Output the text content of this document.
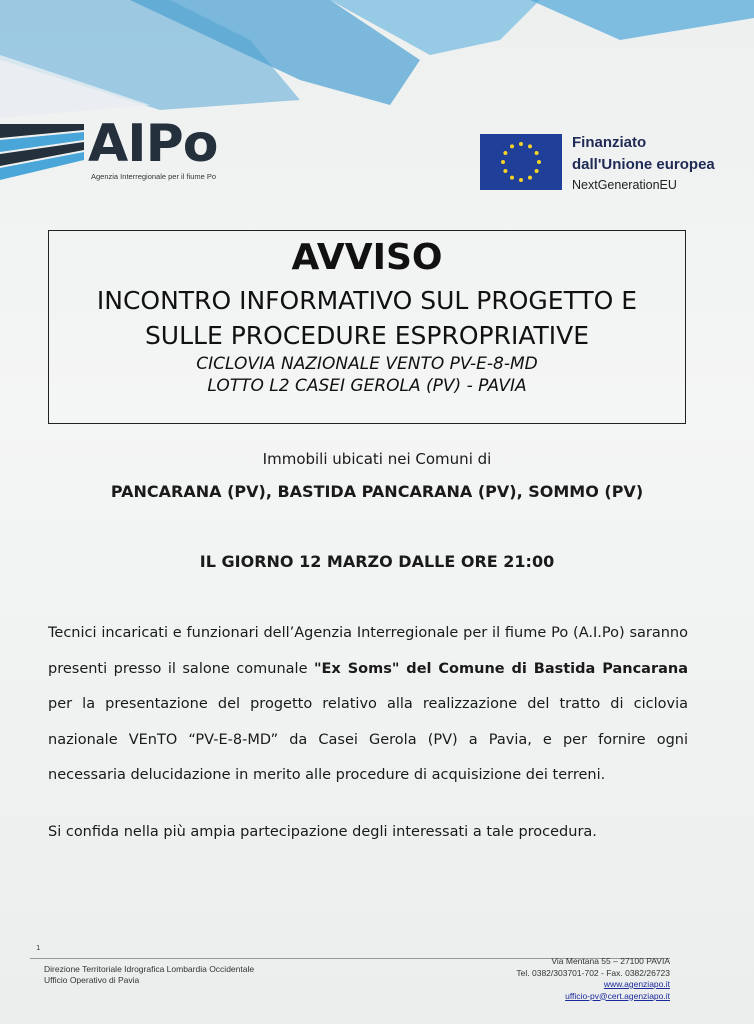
AIPo
Agenzia Interregionale per il fiume Po
Finanziato
dall'Unione europea
NextGenerationEU
AVVISO
INCONTRO INFORMATIVO SUL PROGETTO E
SULLE PROCEDURE ESPROPRIATIVE
CICLOVIA NAZIONALE VENTO PV-E-8-MD
LOTTO L2 CASEI GEROLA (PV) - PAVIA
Immobili ubicati nei Comuni di
PANCARANA (PV), BASTIDA PANCARANA (PV), SOMMO (PV)
IL GIORNO 12 MARZO DALLE ORE 21:00
Tecnici incaricati e funzionari dell’Agenzia Interregionale per il fiume Po (A.I.Po) saranno presenti presso il salone comunale "Ex Soms" del Comune di Bastida Pancarana per la presentazione del progetto relativo alla realizzazione del tratto di ciclovia nazionale VEnTO “PV-E-8-MD” da Casei Gerola (PV) a Pavia, e per fornire ogni necessaria delucidazione in merito alle procedure di acquisizione dei terreni.
Si confida nella più ampia partecipazione degli interessati a tale procedura.
1
Direzione Territoriale Idrografica Lombardia Occidentale
Ufficio Operativo di Pavia
Via Mentana 55 – 27100 PAVIA
Tel. 0382/303701-702 - Fax. 0382/26723
www.agenziapo.it
ufficio-pv@cert.agenziapo.it
